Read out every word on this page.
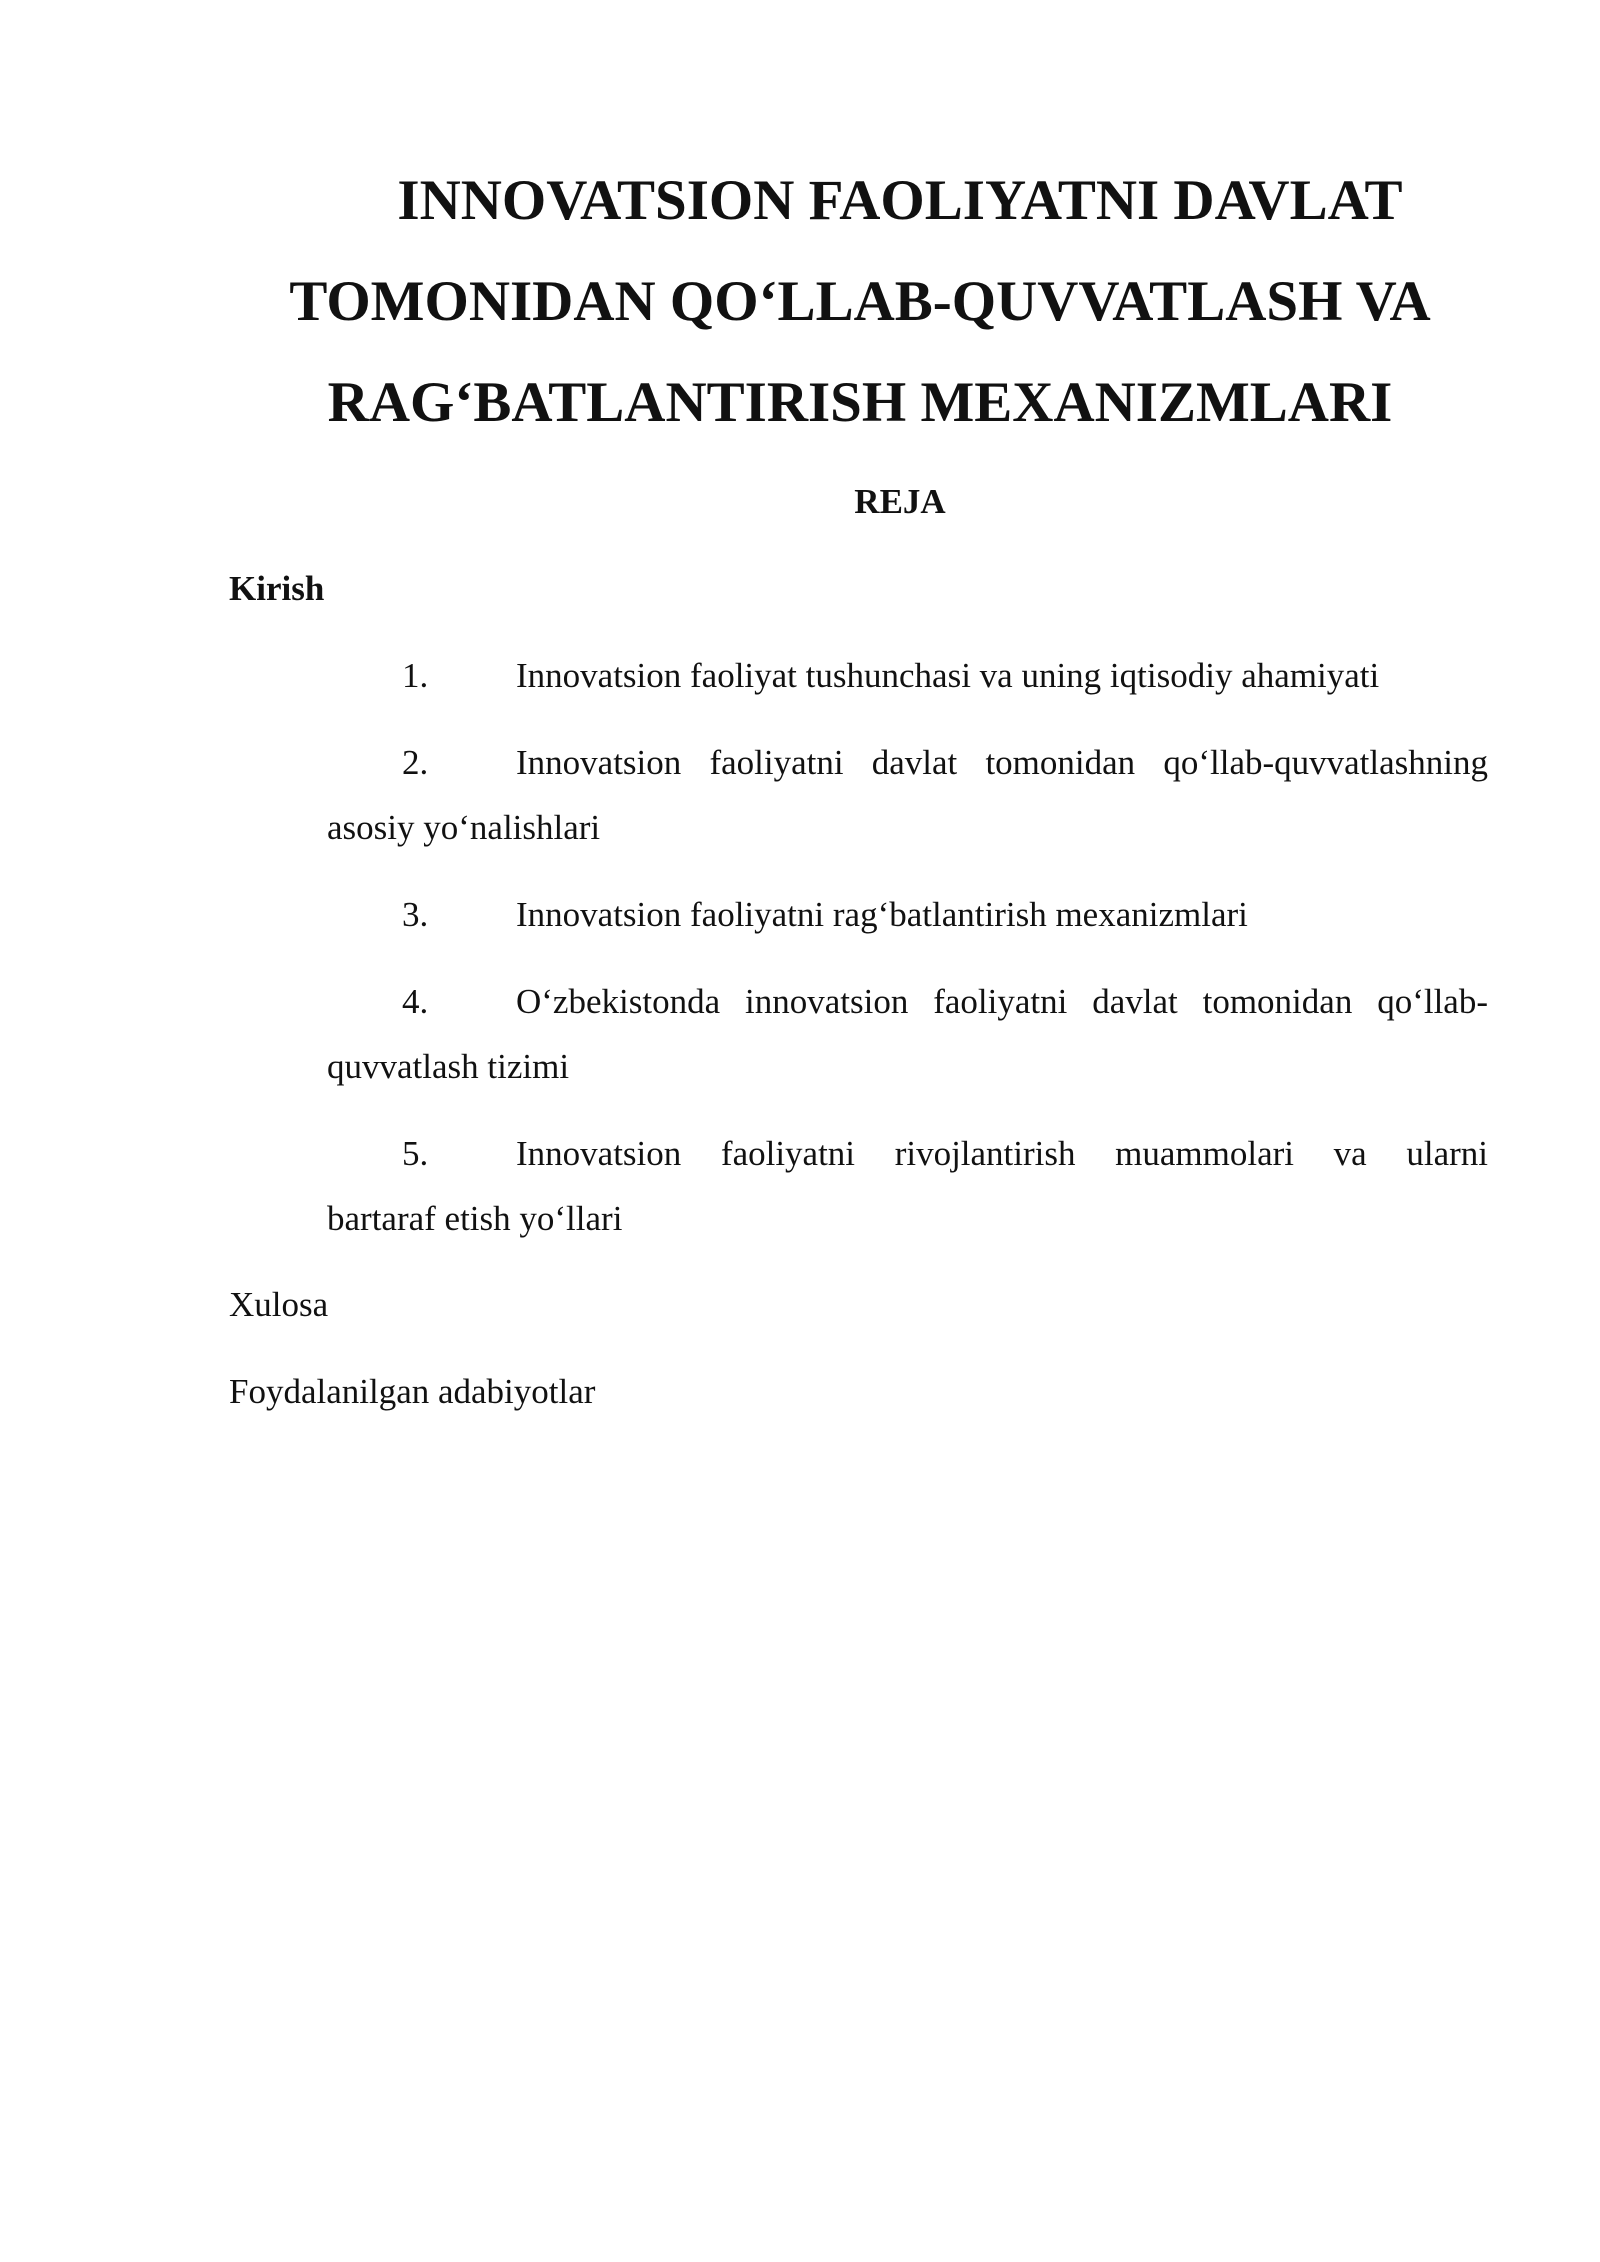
INNOVATSION FAOLIYATNI DAVLAT
TOMONIDAN QO‘LLAB-QUVVATLASH VA
RAG‘BATLANTIRISH MEXANIZMLARI
REJA
Kirish
1.	Innovatsion faoliyat tushunchasi va uning iqtisodiy ahamiyati
2.	Innovatsion faoliyatni davlat tomonidan qo‘llab-quvvatlashning
asosiy yo‘nalishlari
3.	Innovatsion faoliyatni rag‘batlantirish mexanizmlari
4.	O‘zbekistonda innovatsion faoliyatni davlat tomonidan qo‘llab-
quvvatlash tizimi
5.	Innovatsion faoliyatni rivojlantirish muammolari va ularni
bartaraf etish yo‘llari
Xulosa
Foydalanilgan adabiyotlar
